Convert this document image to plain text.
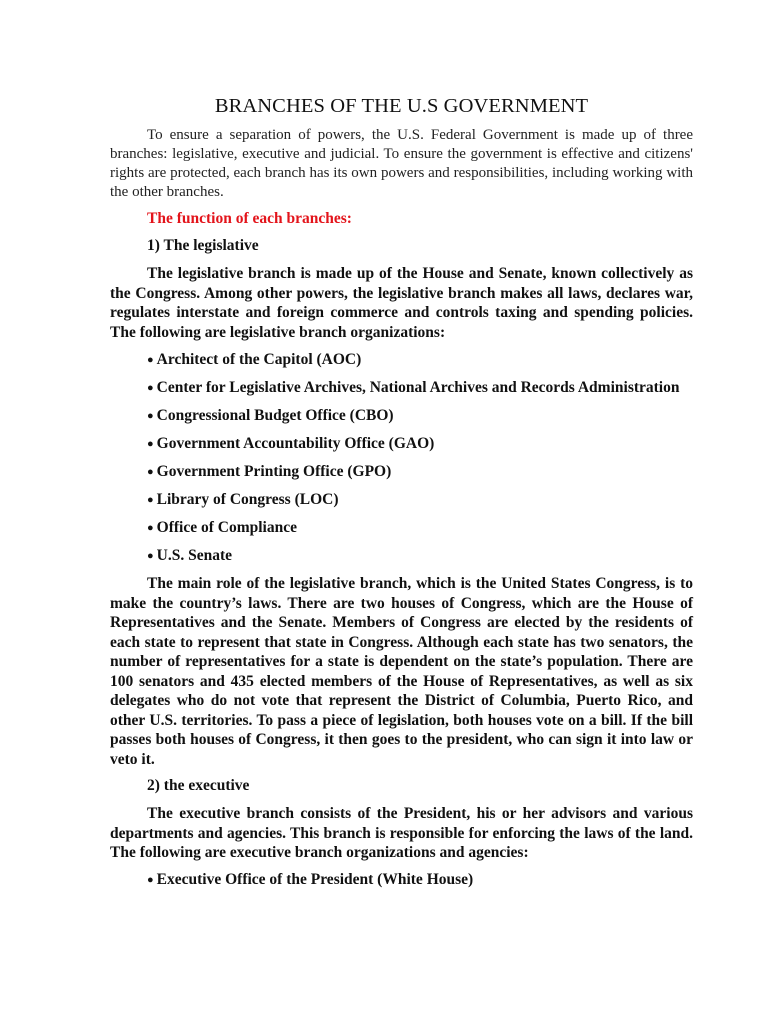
BRANCHES OF THE U.S GOVERNMENT

To ensure a separation of powers, the U.S. Federal Government is made up of three branches: legislative, executive and judicial. To ensure the government is effective and citizens' rights are protected, each branch has its own powers and responsibilities, including working with the other branches.

The function of each branches:

1) The legislative

The legislative branch is made up of the House and Senate, known collectively as the Congress. Among other powers, the legislative branch makes all laws, declares war, regulates interstate and foreign commerce and controls taxing and spending policies. The following are legislative branch organizations:

● Architect of the Capitol (AOC)

● Center for Legislative Archives, National Archives and Records Administration

● Congressional Budget Office (CBO)

● Government Accountability Office (GAO)

● Government Printing Office (GPO)

● Library of Congress (LOC)

● Office of Compliance

● U.S. Senate

The main role of the legislative branch, which is the United States Congress, is to make the country’s laws. There are two houses of Congress, which are the House of Representatives and the Senate. Members of Congress are elected by the residents of each state to represent that state in Congress. Although each state has two senators, the number of representatives for a state is dependent on the state’s population. There are 100 senators and 435 elected members of the House of Representatives, as well as six delegates who do not vote that represent the District of Columbia, Puerto Rico, and other U.S. territories. To pass a piece of legislation, both houses vote on a bill. If the bill passes both houses of Congress, it then goes to the president, who can sign it into law or veto it.

2) the executive

The executive branch consists of the President, his or her advisors and various departments and agencies. This branch is responsible for enforcing the laws of the land. The following are executive branch organizations and agencies:

● Executive Office of the President (White House)
